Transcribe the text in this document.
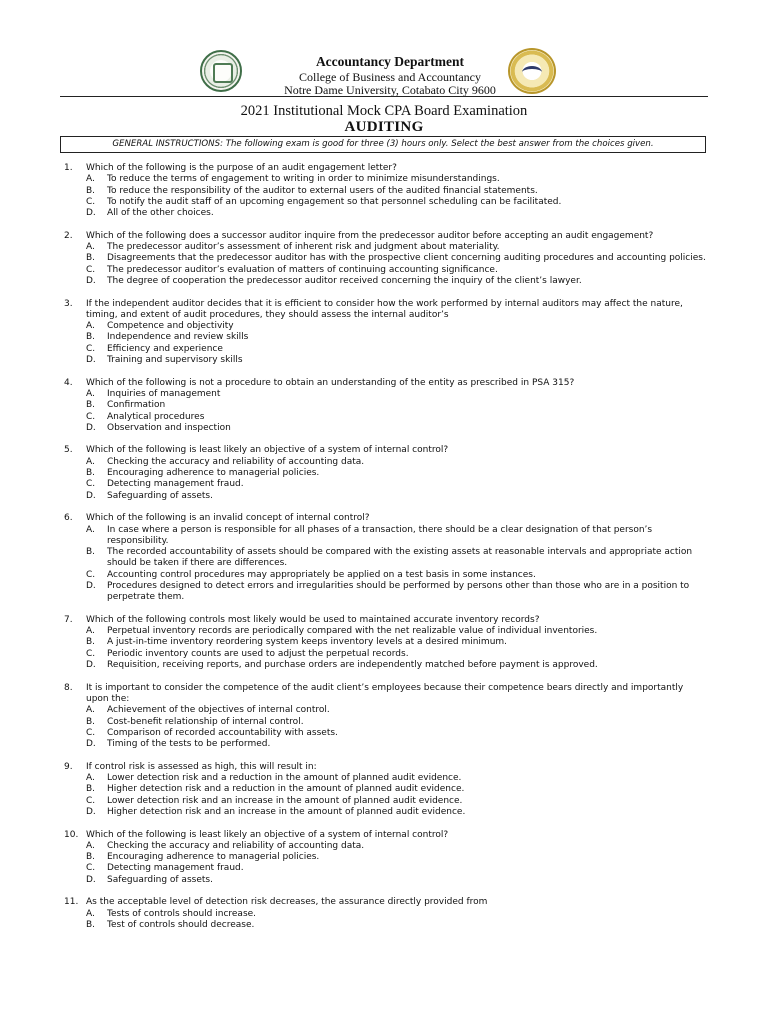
Accountancy Department
College of Business and Accountancy
Notre Dame University, Cotabato City 9600
2021 Institutional Mock CPA Board Examination
AUDITING
GENERAL INSTRUCTIONS: The following exam is good for three (3) hours only. Select the best answer from the choices given.
1.	Which of the following is the purpose of an audit engagement letter?
A.	To reduce the terms of engagement to writing in order to minimize misunderstandings.
B.	To reduce the responsibility of the auditor to external users of the audited financial statements.
C.	To notify the audit staff of an upcoming engagement so that personnel scheduling can be facilitated.
D.	All of the other choices.
2.	Which of the following does a successor auditor inquire from the predecessor auditor before accepting an audit engagement?
A.	The predecessor auditor’s assessment of inherent risk and judgment about materiality.
B.	Disagreements that the predecessor auditor has with the prospective client concerning auditing procedures and accounting policies.
C.	The predecessor auditor’s evaluation of matters of continuing accounting significance.
D.	The degree of cooperation the predecessor auditor received concerning the inquiry of the client’s lawyer.
3.	If the independent auditor decides that it is efficient to consider how the work performed by internal auditors may affect the nature, timing, and extent of audit procedures, they should assess the internal auditor’s
A.	Competence and objectivity
B.	Independence and review skills
C.	Efficiency and experience
D.	Training and supervisory skills
4.	Which of the following is not a procedure to obtain an understanding of the entity as prescribed in PSA 315?
A.	Inquiries of management
B.	Confirmation
C.	Analytical procedures
D.	Observation and inspection
5.	Which of the following is least likely an objective of a system of internal control?
A.	Checking the accuracy and reliability of accounting data.
B.	Encouraging adherence to managerial policies.
C.	Detecting management fraud.
D.	Safeguarding of assets.
6.	Which of the following is an invalid concept of internal control?
A.	In case where a person is responsible for all phases of a transaction, there should be a clear designation of that person’s responsibility.
B.	The recorded accountability of assets should be compared with the existing assets at reasonable intervals and appropriate action should be taken if there are differences.
C.	Accounting control procedures may appropriately be applied on a test basis in some instances.
D.	Procedures designed to detect errors and irregularities should be performed by persons other than those who are in a position to perpetrate them.
7.	Which of the following controls most likely would be used to maintained accurate inventory records?
A.	Perpetual inventory records are periodically compared with the net realizable value of individual inventories.
B.	A just-in-time inventory reordering system keeps inventory levels at a desired minimum.
C.	Periodic inventory counts are used to adjust the perpetual records.
D.	Requisition, receiving reports, and purchase orders are independently matched before payment is approved.
8.	It is important to consider the competence of the audit client’s employees because their competence bears directly and importantly upon the:
A.	Achievement of the objectives of internal control.
B.	Cost-benefit relationship of internal control.
C.	Comparison of recorded accountability with assets.
D.	Timing of the tests to be performed.
9.	If control risk is assessed as high, this will result in:
A.	Lower detection risk and a reduction in the amount of planned audit evidence.
B.	Higher detection risk and a reduction in the amount of planned audit evidence.
C.	Lower detection risk and an increase in the amount of planned audit evidence.
D.	Higher detection risk and an increase in the amount of planned audit evidence.
10. Which of the following is least likely an objective of a system of internal control?
A.	Checking the accuracy and reliability of accounting data.
B.	Encouraging adherence to managerial policies.
C.	Detecting management fraud.
D.	Safeguarding of assets.
11. As the acceptable level of detection risk decreases, the assurance directly provided from
A.	Tests of controls should increase.
B.	Test of controls should decrease.
